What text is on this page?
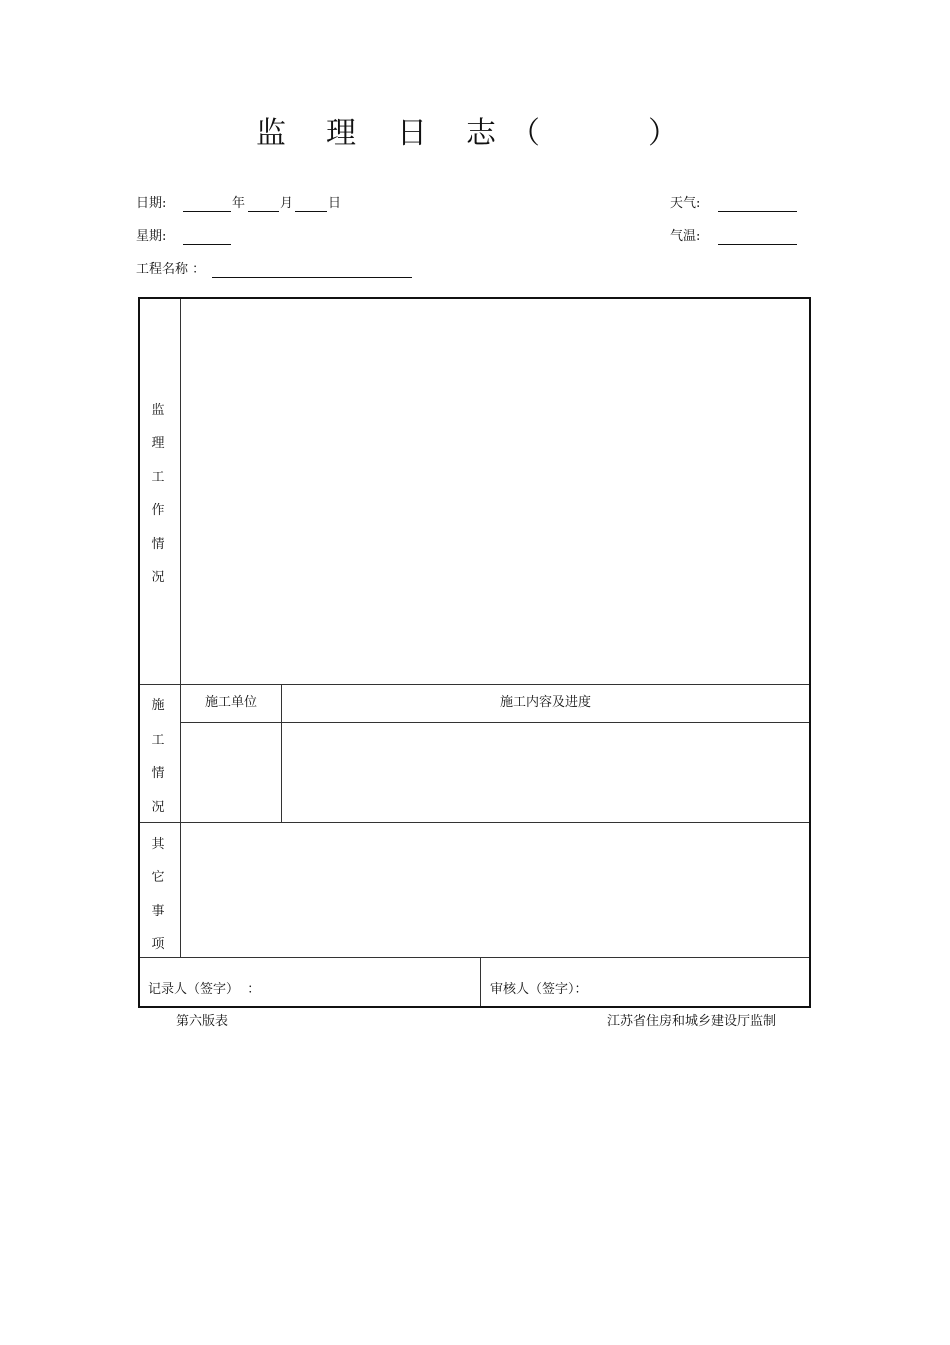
监 理 日 志 （	）
日期:	年	月	日	天气:
星期:	气温:
工程名称 ：
监
理
工
作
情
况
施
工
情
况
施工单位	施工内容及进度
其
它
事
项
记录人（签字）  ：	审核人（签字）：
第六版表	江苏省住房和城乡建设厅监制
